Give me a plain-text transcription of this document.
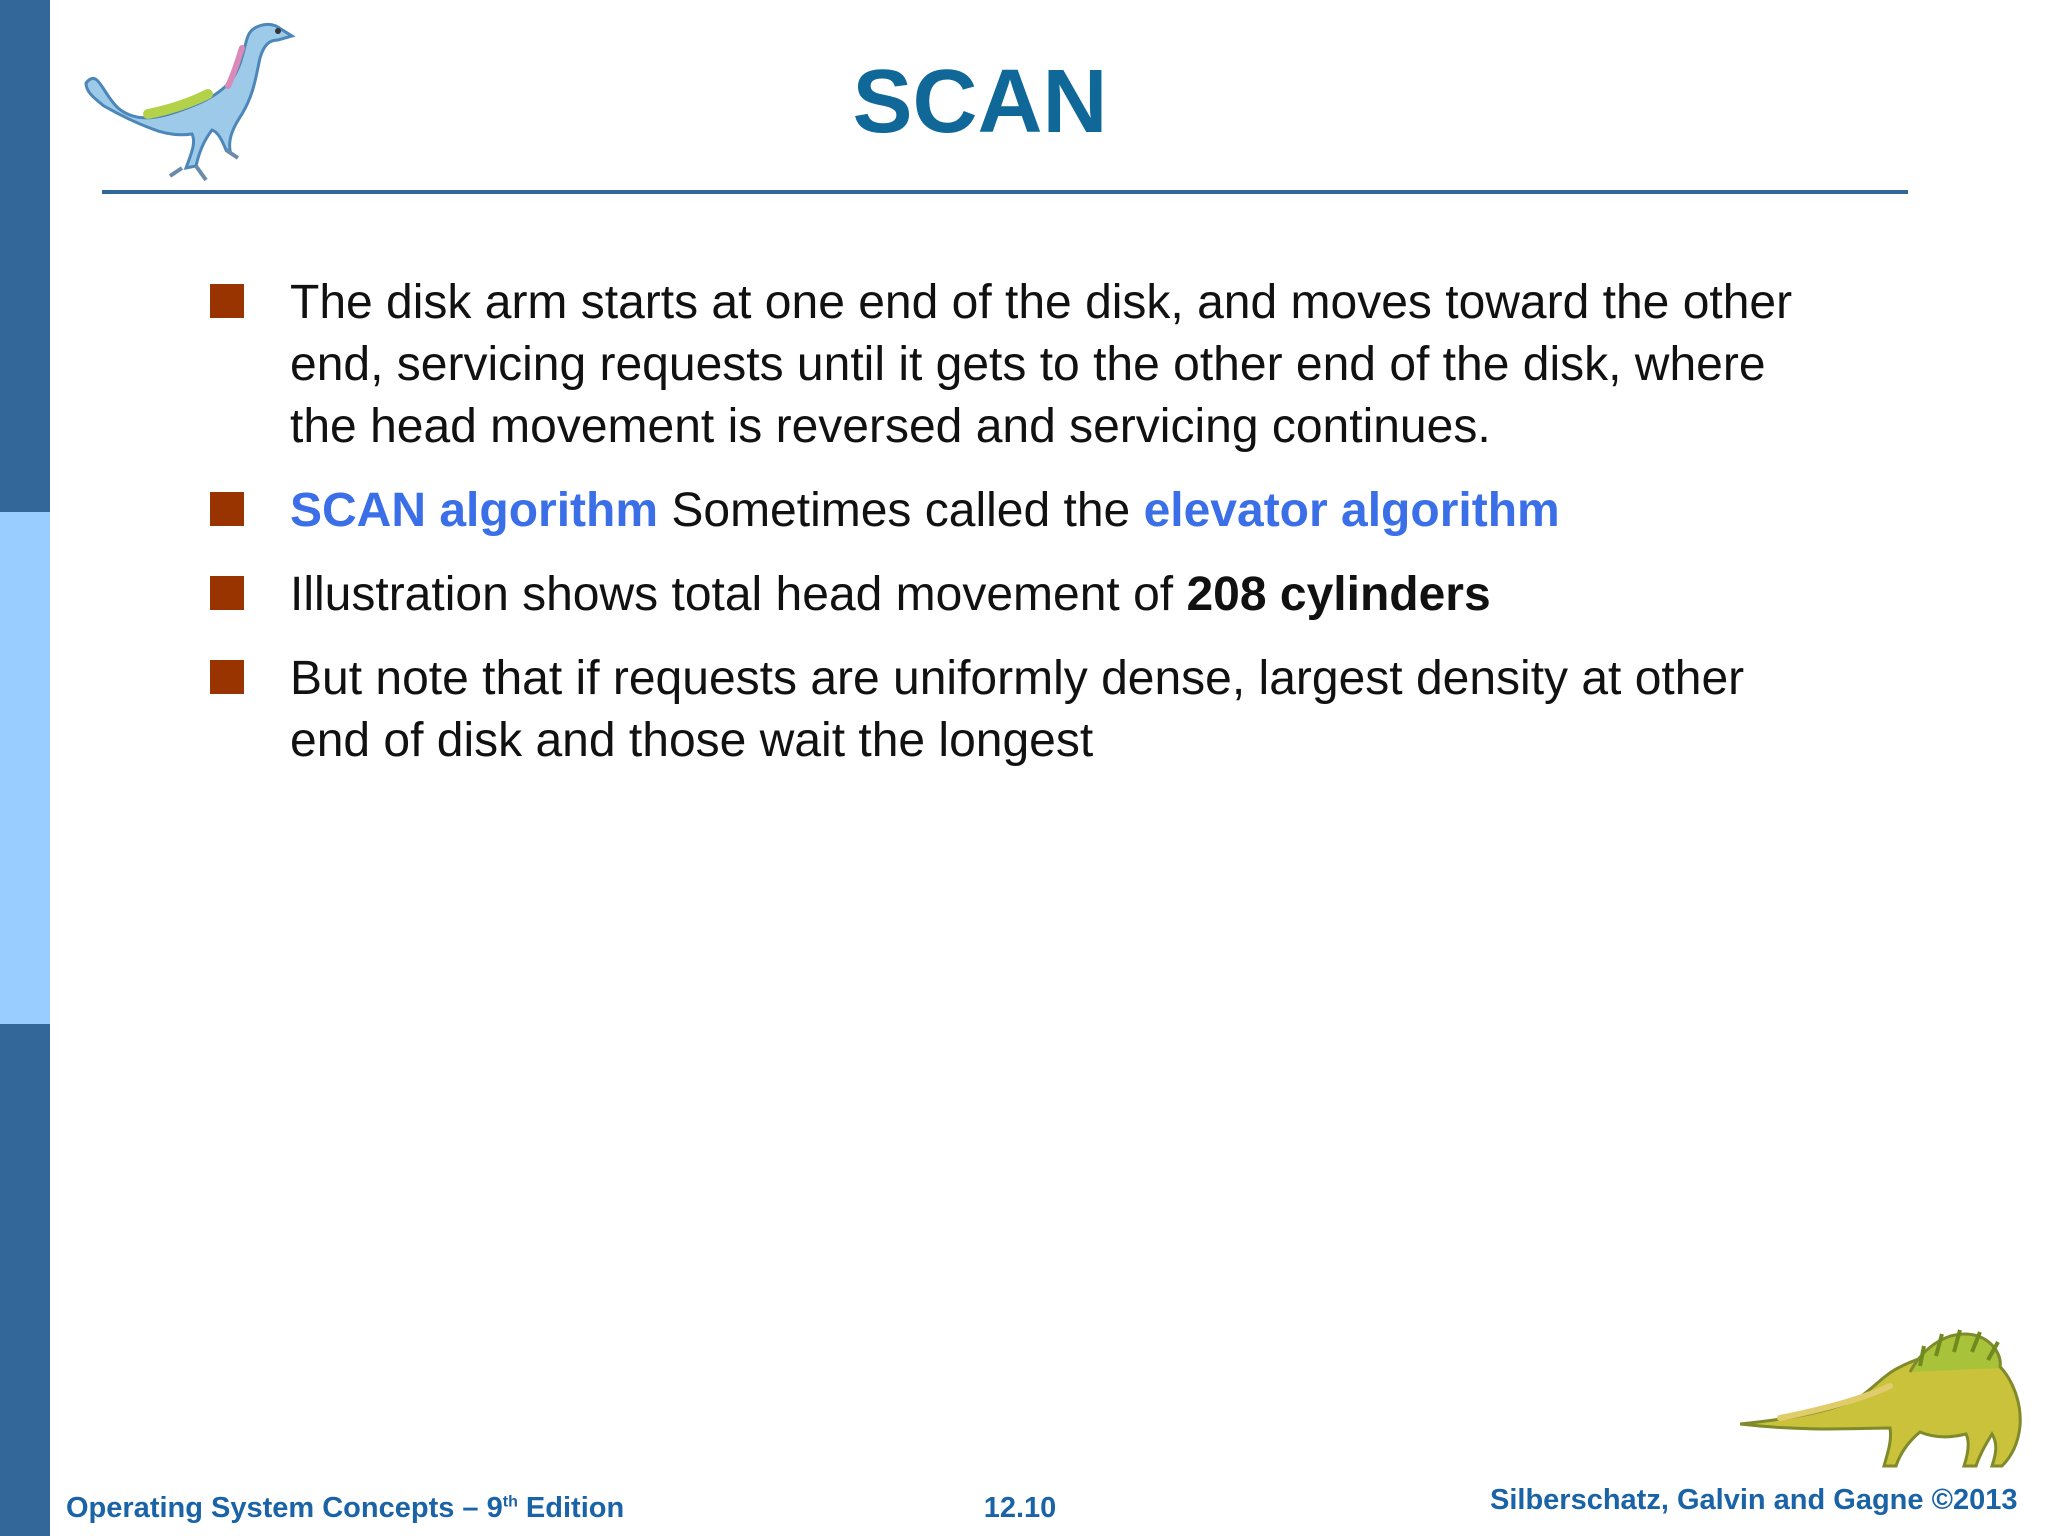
SCAN
The disk arm starts at one end of the disk, and moves toward the other end, servicing requests until it gets to the other end of the disk, where the head movement is reversed and servicing continues.
SCAN algorithm Sometimes called the elevator algorithm
Illustration shows total head movement of 208 cylinders
But note that if requests are uniformly dense, largest density at other end of disk and those wait the longest
Operating System Concepts – 9th Edition	12.10	Silberschatz, Galvin and Gagne ©2013
